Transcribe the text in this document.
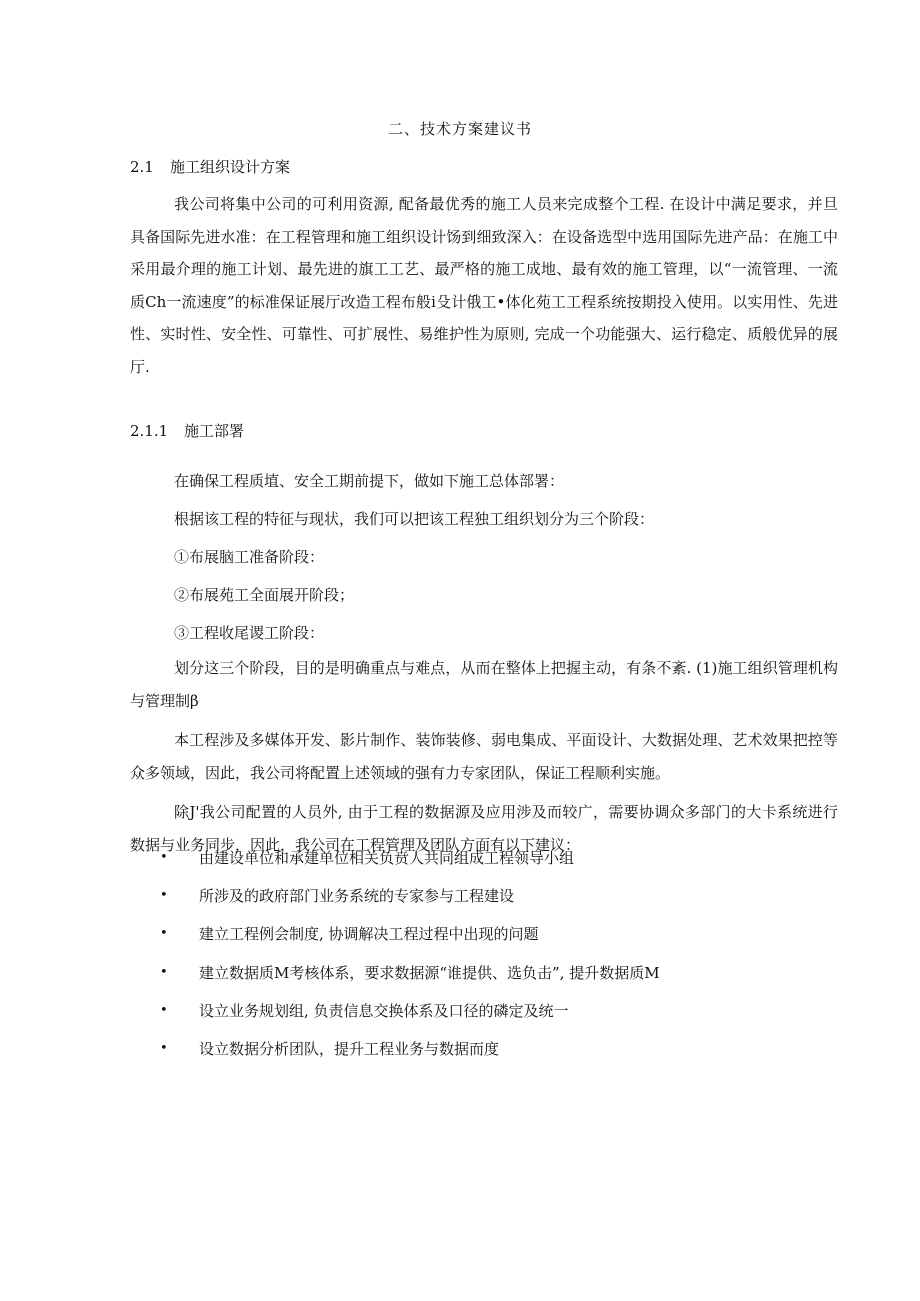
二、技术方案建议书
2.1 施工组织设计方案
我公司将集中公司的可利用资源, 配备最优秀的施工人员来完成整个工程. 在设计中满足要求，并旦具备国际先进水准：在工程管理和施工组织设计饧到细致深入：在设备选型中选用国际先进产品：在施工中采用最介理的施工计划、最先进的旗工工艺、最严格的施工成地、最有效的施工管理，以“一流管理、一流质Ch一流速度”的标准保证展厅改造工程布般i殳计俄工•体化苑工工程系统按期投入使用。以实用性、先进性、实时性、安全性、可靠性、可扩展性、易维护性为原则, 完成一个功能强大、运行稳定、质般优异的展厅.
2.1.1 施工部署
在确保工程质埴、安全工期前提下，做如下施工总体部署：
根据该工程的特征与现状，我们可以把该工程独工组织划分为三个阶段：
①布展脑工准备阶段：
②布展苑工全面展开阶段；
③工程收尾谡工阶段：
划分这三个阶段，目的是明确重点与难点，从而在整体上把握主动，有条不紊. (1)施工组织管理机构与管理制β
本工程涉及多媒体开发、影片制作、装饰装修、弱电集成、平面设计、大数据处理、艺术效果把控等众多领域，因此，我公司将配置上述领域的强有力专家团队，保证工程顺利实施。
除J'我公司配置的人员外, 由于工程的数据源及应用涉及而较广，需要协调众多部门的大卡系统进行数据与业务同步，因此，我公司在工程管理及团队方面有以下建议：
• 由建设单位和承建单位相关负贲人共同组成工程领导小组
• 所涉及的政府部门业务系统的专家参与工程建设
• 建立工程例会制度, 协调解决工程过程中出现的问题
• 建立数据质M考核体系，要求数据源“谁提供、选负击”, 提升数据质M
• 设立业务规划组, 负责信息交换体系及口径的磷定及统一
• 设立数据分析团队，提升工程业务与数据而度
